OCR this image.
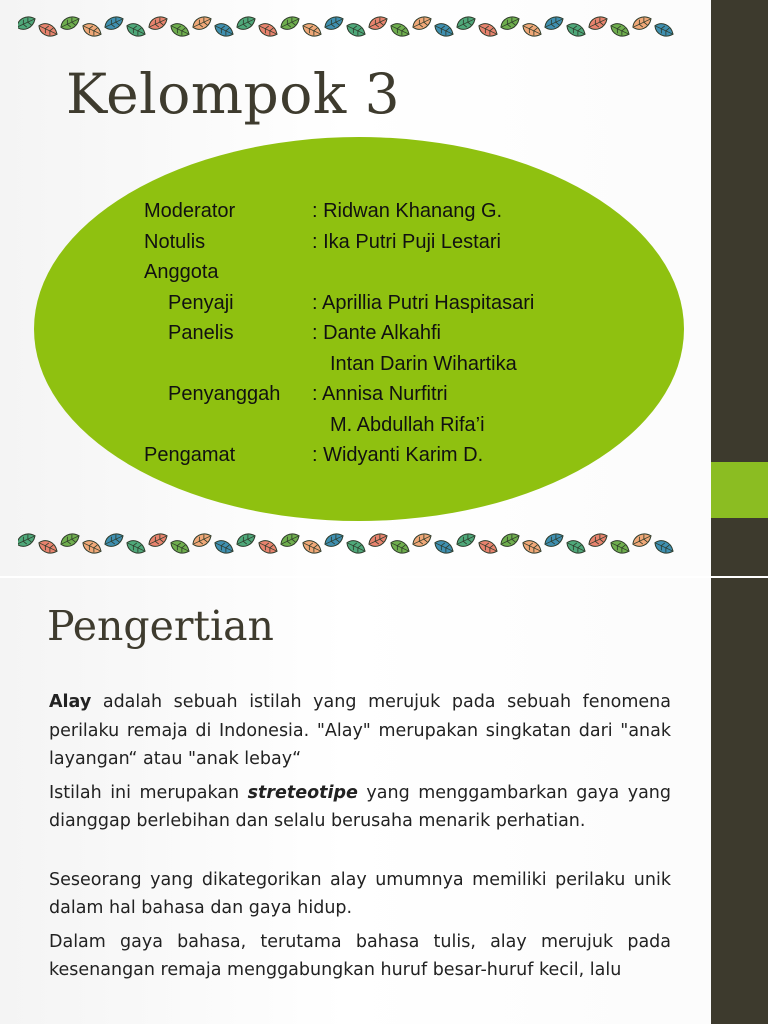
Kelompok 3
Moderator	: Ridwan Khanang G.
Notulis	: Ika Putri Puji Lestari
Anggota
Penyaji	: Aprillia Putri Haspitasari
Panelis	: Dante Alkahfi
Intan Darin Wihartika
Penyanggah : Annisa Nurfitri
M. Abdullah Rifa’i
Pengamat	: Widyanti Karim D.
Pengertian

Alay adalah sebuah istilah yang merujuk pada sebuah fenomena perilaku remaja di Indonesia. "Alay" merupakan singkatan dari "anak layangan“ atau "anak lebay“

Istilah ini merupakan streteotipe yang menggambarkan gaya yang dianggap berlebihan dan selalu berusaha menarik perhatian.

Seseorang yang dikategorikan alay umumnya memiliki perilaku unik dalam hal bahasa dan gaya hidup.

Dalam gaya bahasa, terutama bahasa tulis, alay merujuk pada kesenangan remaja menggabungkan huruf besar-huruf kecil, lalu
